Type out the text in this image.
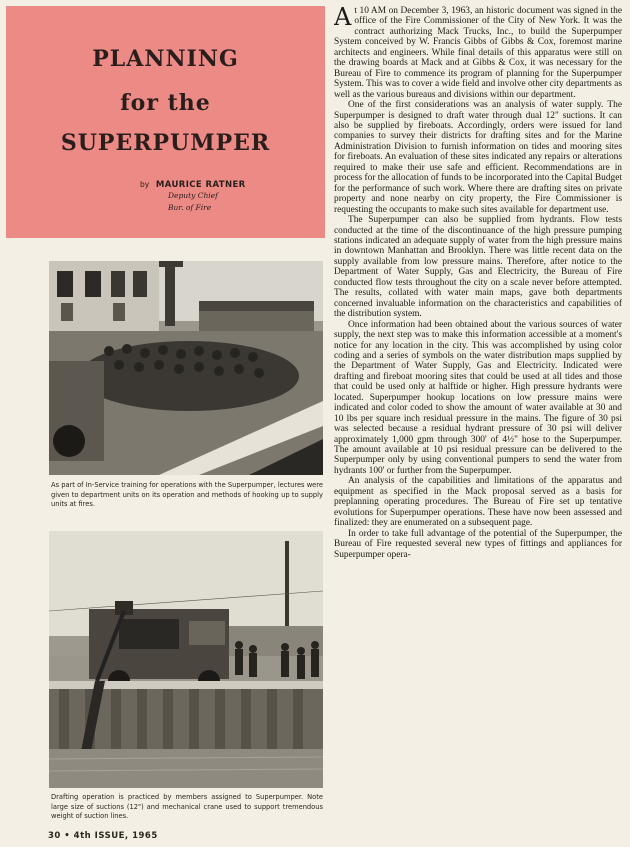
PLANNING
for the
SUPERPUMPER
by MAURICE RATNER
Deputy Chief
Bur. of Fire
As part of In-Service training for operations with the Superpumper, lectures were given to department units on its operation and methods of hooking up to supply units at fires.
Drafting operation is practiced by members assigned to Superpumper. Note large size of suctions (12") and mechanical crane used to support tremendous weight of suction lines.

At 10 AM on December 3, 1963, an historic document was signed in the office of the Fire Commissioner of the City of New York. It was the contract authorizing Mack Trucks, Inc., to build the Superpumper System conceived by W. Francis Gibbs of Gibbs & Cox, foremost marine architects and engineers. While final details of this apparatus were still on the drawing boards at Mack and at Gibbs & Cox, it was necessary for the Bureau of Fire to commence its program of planning for the Superpumper System. This was to cover a wide field and involve other city departments as well as the various bureaus and divisions within our department.

One of the first considerations was an analysis of water supply. The Superpumper is designed to draft water through dual 12" suctions. It can also be supplied by fireboats. Accordingly, orders were issued for land companies to survey their districts for drafting sites and for the Marine Administration Division to furnish information on tides and mooring sites for fireboats. An evaluation of these sites indicated any repairs or alterations required to make their use safe and efficient. Recommendations are in process for the allocation of funds to be incorporated into the Capital Budget for the performance of such work. Where there are drafting sites on private property and none nearby on city property, the Fire Commissioner is requesting the occupants to make such sites available for department use.

The Superpumper can also be supplied from hydrants. Flow tests conducted at the time of the discontinuance of the high pressure pumping stations indicated an adequate supply of water from the high pressure mains in downtown Manhattan and Brooklyn. There was little recent data on the supply available from low pressure mains. Therefore, after notice to the Department of Water Supply, Gas and Electricity, the Bureau of Fire conducted flow tests throughout the city on a scale never before attempted. The results, collated with water main maps, gave both departments concerned invaluable information on the characteristics and capabilities of the distribution system.

Once information had been obtained about the various sources of water supply, the next step was to make this information accessible at a moment's notice for any location in the city. This was accomplished by using color coding and a series of symbols on the water distribution maps supplied by the Department of Water Supply, Gas and Electricity. Indicated were drafting and fireboat mooring sites that could be used at all tides and those that could be used only at halftide or higher. High pressure hydrants were located. Superpumper hookup locations on low pressure mains were indicated and color coded to show the amount of water available at 30 and 10 lbs per square inch residual pressure in the mains. The figure of 30 psi was selected because a residual hydrant pressure of 30 psi will deliver approximately 1,000 gpm through 300' of 4½" hose to the Superpumper. The amount available at 10 psi residual pressure can be delivered to the Superpumper only by using conventional pumpers to send the water from hydrants 100' or further from the Superpumper.

An analysis of the capabilities and limitations of the apparatus and equipment as specified in the Mack proposal served as a basis for preplanning operating procedures. The Bureau of Fire set up tentative evolutions for Superpumper operations. These have now been assessed and finalized: they are enumerated on a subsequent page.

In order to take full advantage of the potential of the Superpumper, the Bureau of Fire requested several new types of fittings and appliances for Superpumper opera-

30 • 4th ISSUE, 1965
